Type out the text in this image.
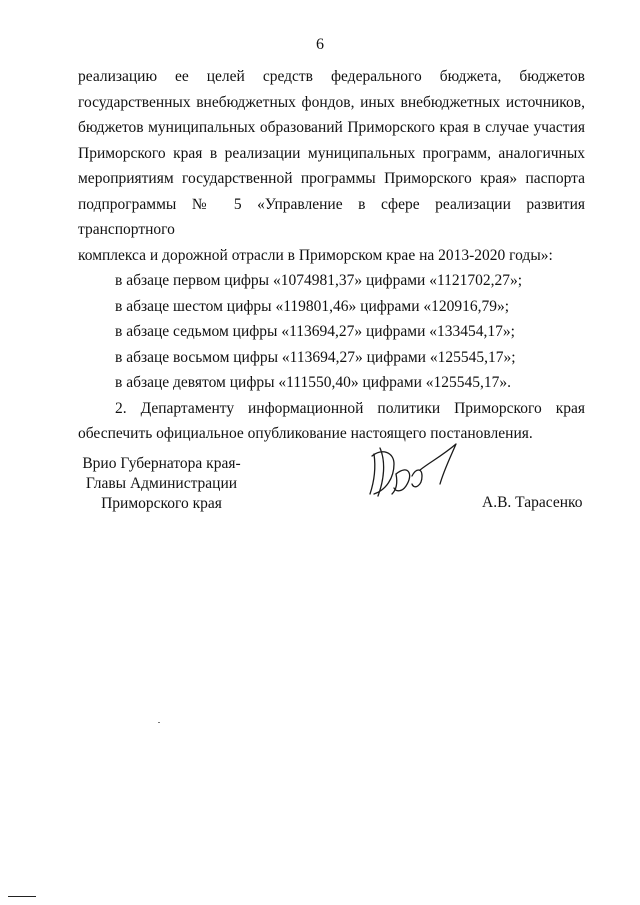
6

реализацию ее целей средств федерального бюджета, бюджетов

государственных внебюджетных фондов, иных внебюджетных источников,

бюджетов муниципальных образований Приморского края в случае участия

Приморского края в реализации муниципальных программ, аналогичных

мероприятиям государственной программы Приморского края» паспорта

подпрограммы № 5 «Управление в сфере реализации развития транспортного

комплекса и дорожной отрасли в Приморском крае на 2013-2020 годы»:

в абзаце первом цифры «1074981,37» цифрами «1121702,27»;

в абзаце шестом цифры «119801,46» цифрами «120916,79»;

в абзаце седьмом цифры «113694,27» цифрами «133454,17»;

в абзаце восьмом цифры «113694,27» цифрами «125545,17»;

в абзаце девятом цифры «111550,40» цифрами «125545,17».

2. Департаменту информационной политики Приморского края

обеспечить официальное опубликование настоящего постановления.

Врио Губернатора края-
Главы Администрации
Приморского края	А.В. Тарасенко
